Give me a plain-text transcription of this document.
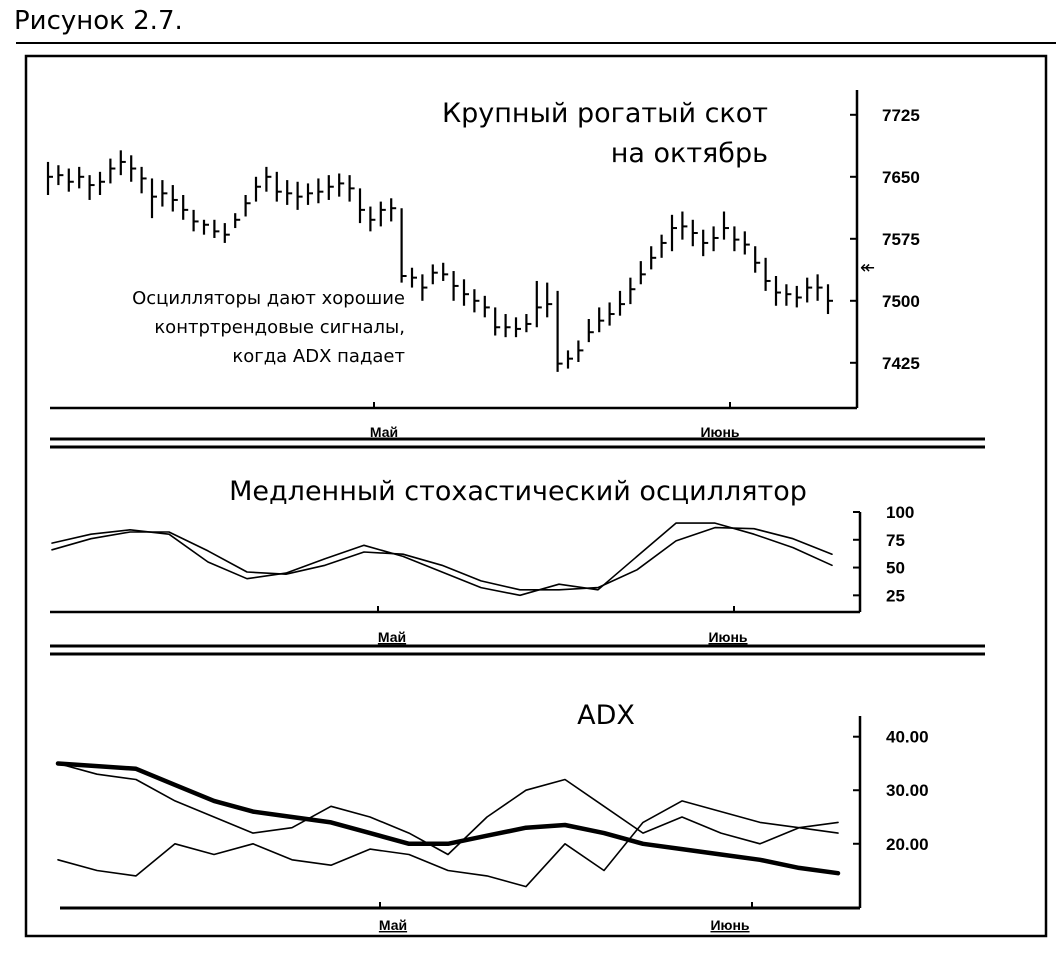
Рисунок 2.7.
Май	Июнь
Крупный рогатый скот
на октябрь
Осцилляторы дают хорошие
контртрендовые сигналы,
когда ADX падает
7725
7650
7575
7500
7425
↞
Медленный стохастический осциллятор
Май	Июнь
100
75
50
25
ADX
Май	Июнь
40.00
30.00
20.00
